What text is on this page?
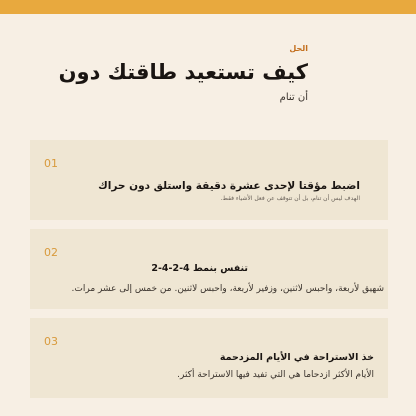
الحل
كيف تستعيد طاقتك دون
أن تنام
01
اضبط مؤقتا لإحدى عشرة دقيقة واستلق دون حراك
الهدف ليس أن تنام، بل أن تتوقف عن فعل الأشياء فقط.
02
تنفس بنمط 4-2-4-2
شهيق لأربعة، واحبس لاثنين، وزفير لأربعة، واحبس لاثنين. من خمس إلى عشر مرات.
03
خذ الاستراحة في الأيام المزدحمة
الأيام الأكثر ازدحاما هي التي تفيد فيها الاستراحة أكثر.
